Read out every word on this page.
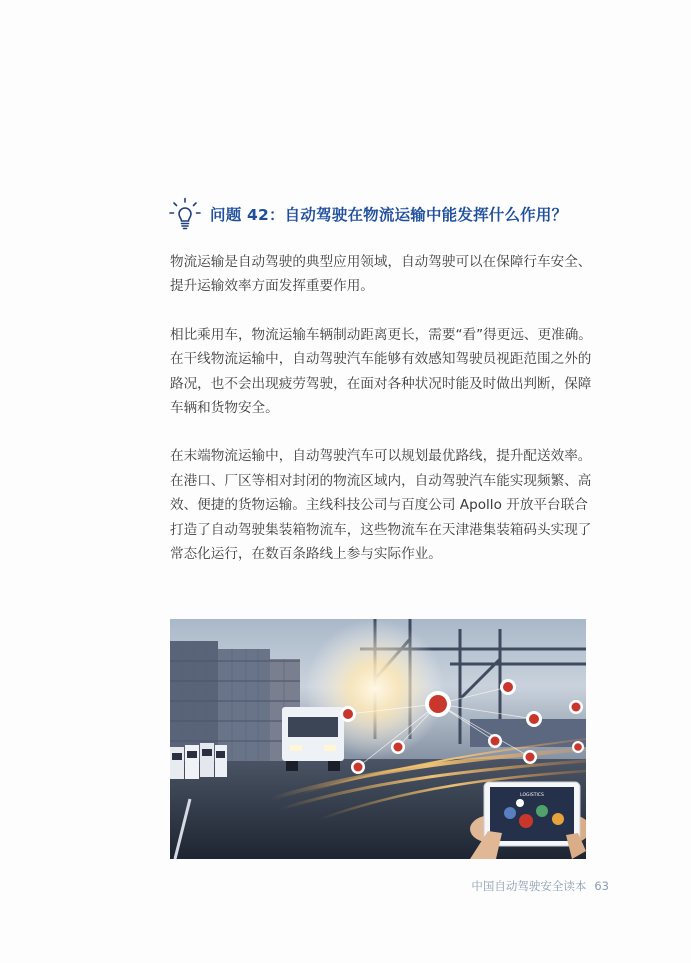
问题 42：自动驾驶在物流运输中能发挥什么作用？

物流运输是自动驾驶的典型应用领域，自动驾驶可以在保障行车安全、
提升运输效率方面发挥重要作用。

相比乘用车，物流运输车辆制动距离更长，需要“看”得更远、更准确。
在干线物流运输中，自动驾驶汽车能够有效感知驾驶员视距范围之外的
路况，也不会出现疲劳驾驶，在面对各种状况时能及时做出判断，保障
车辆和货物安全。

在末端物流运输中，自动驾驶汽车可以规划最优路线，提升配送效率。
在港口、厂区等相对封闭的物流区域内，自动驾驶汽车能实现频繁、高
效、便捷的货物运输。主线科技公司与百度公司 Apollo 开放平台联合
打造了自动驾驶集装箱物流车，这些物流车在天津港集装箱码头实现了
常态化运行，在数百条路线上参与实际作业。

LOGISTICS
中国自动驾驶安全读本 63
